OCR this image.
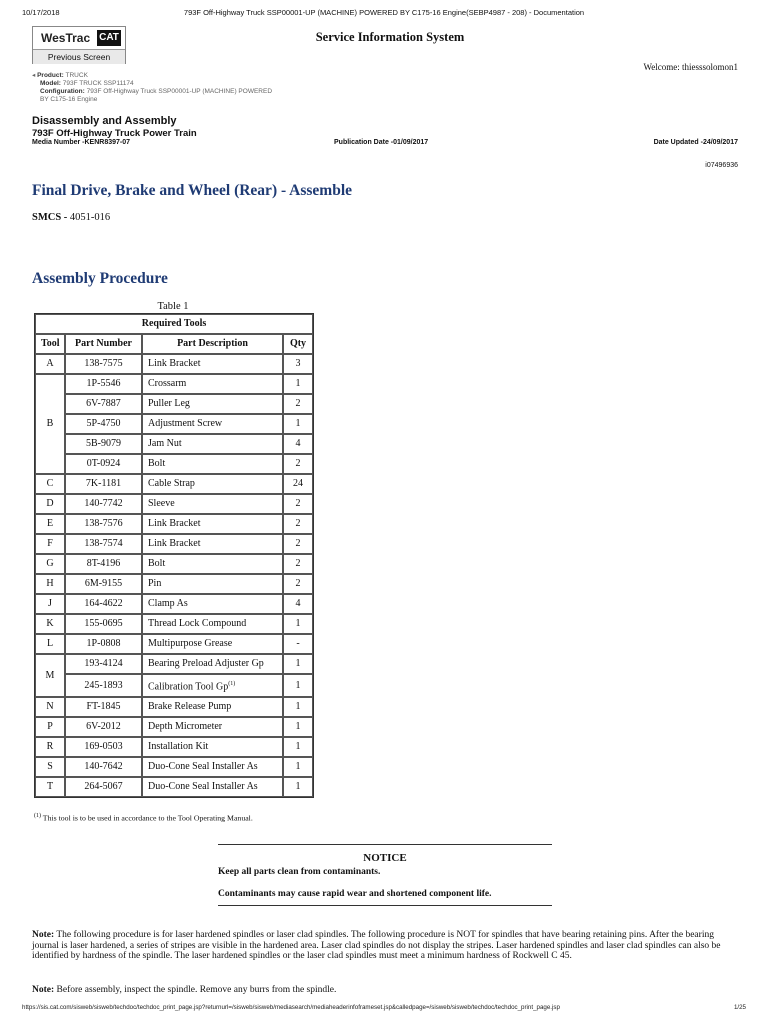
793F Off-Highway Truck SSP00001-UP (MACHINE) POWERED BY C175-16 Engine(SEBP4987 - 208) - Documentation
10/17/2018
WesTrac CAT
Previous Screen
Service Information System
Welcome: thiesssolomon1
◂ Product: TRUCK
Model: 793F TRUCK SSP11174
Configuration: 793F Off-Highway Truck SSP00001-UP (MACHINE) POWERED
BY C175-16 Engine
Disassembly and Assembly
793F Off-Highway Truck Power Train
Media Number -KENR8397-07	Publication Date -01/09/2017	Date Updated -24/09/2017
i07496936
Final Drive, Brake and Wheel (Rear) - Assemble
SMCS - 4051-016
Assembly Procedure
Table 1
Required Tools			
Tool	Part Number	Part Description	Qty
A	138-7575	Link Bracket	3
B	1P-5546	Crossarm	1
	6V-7887	Puller Leg	2
	5P-4750	Adjustment Screw	1
	5B-9079	Jam Nut	4
	0T-0924	Bolt	2
C	7K-1181	Cable Strap	24
D	140-7742	Sleeve	2
E	138-7576	Link Bracket	2
F	138-7574	Link Bracket	2
G	8T-4196	Bolt	2
H	6M-9155	Pin	2
J	164-4622	Clamp As	4
K	155-0695	Thread Lock Compound	1
L	1P-0808	Multipurpose Grease	-
M	193-4124	Bearing Preload Adjuster Gp	1
	245-1893	Calibration Tool Gp$^{(1)}$	1
N	FT-1845	Brake Release Pump	1
P	6V-2012	Depth Micrometer	1
R	169-0503	Installation Kit	1
S	140-7642	Duo-Cone Seal Installer As	1
T	264-5067	Duo-Cone Seal Installer As	1
$^{(1)}$ This tool is to be used in accordance to the Tool Operating Manual.
NOTICE
Keep all parts clean from contaminants.
Contaminants may cause rapid wear and shortened component life.
Note: The following procedure is for laser hardened spindles or laser clad spindles. The following procedure is NOT for spindles that have bearing retaining pins. After the bearing journal is laser hardened, a series of stripes are visible in the hardened area. Laser clad spindles do not display the stripes. Laser hardened spindles and laser clad spindles can also be identified by hardness of the spindle. The laser hardened spindles or the laser clad spindles must meet a minimum hardness of Rockwell C 45.
Note: Before assembly, inspect the spindle. Remove any burrs from the spindle.
https://sis.cat.com/sisweb/sisweb/techdoc/techdoc_print_page.jsp?returnurl=/sisweb/sisweb/mediasearch/mediaheaderinfoframeset.jsp&calledpage=/sisweb/sisweb/techdoc/techdoc_print_page.jsp	1/25
